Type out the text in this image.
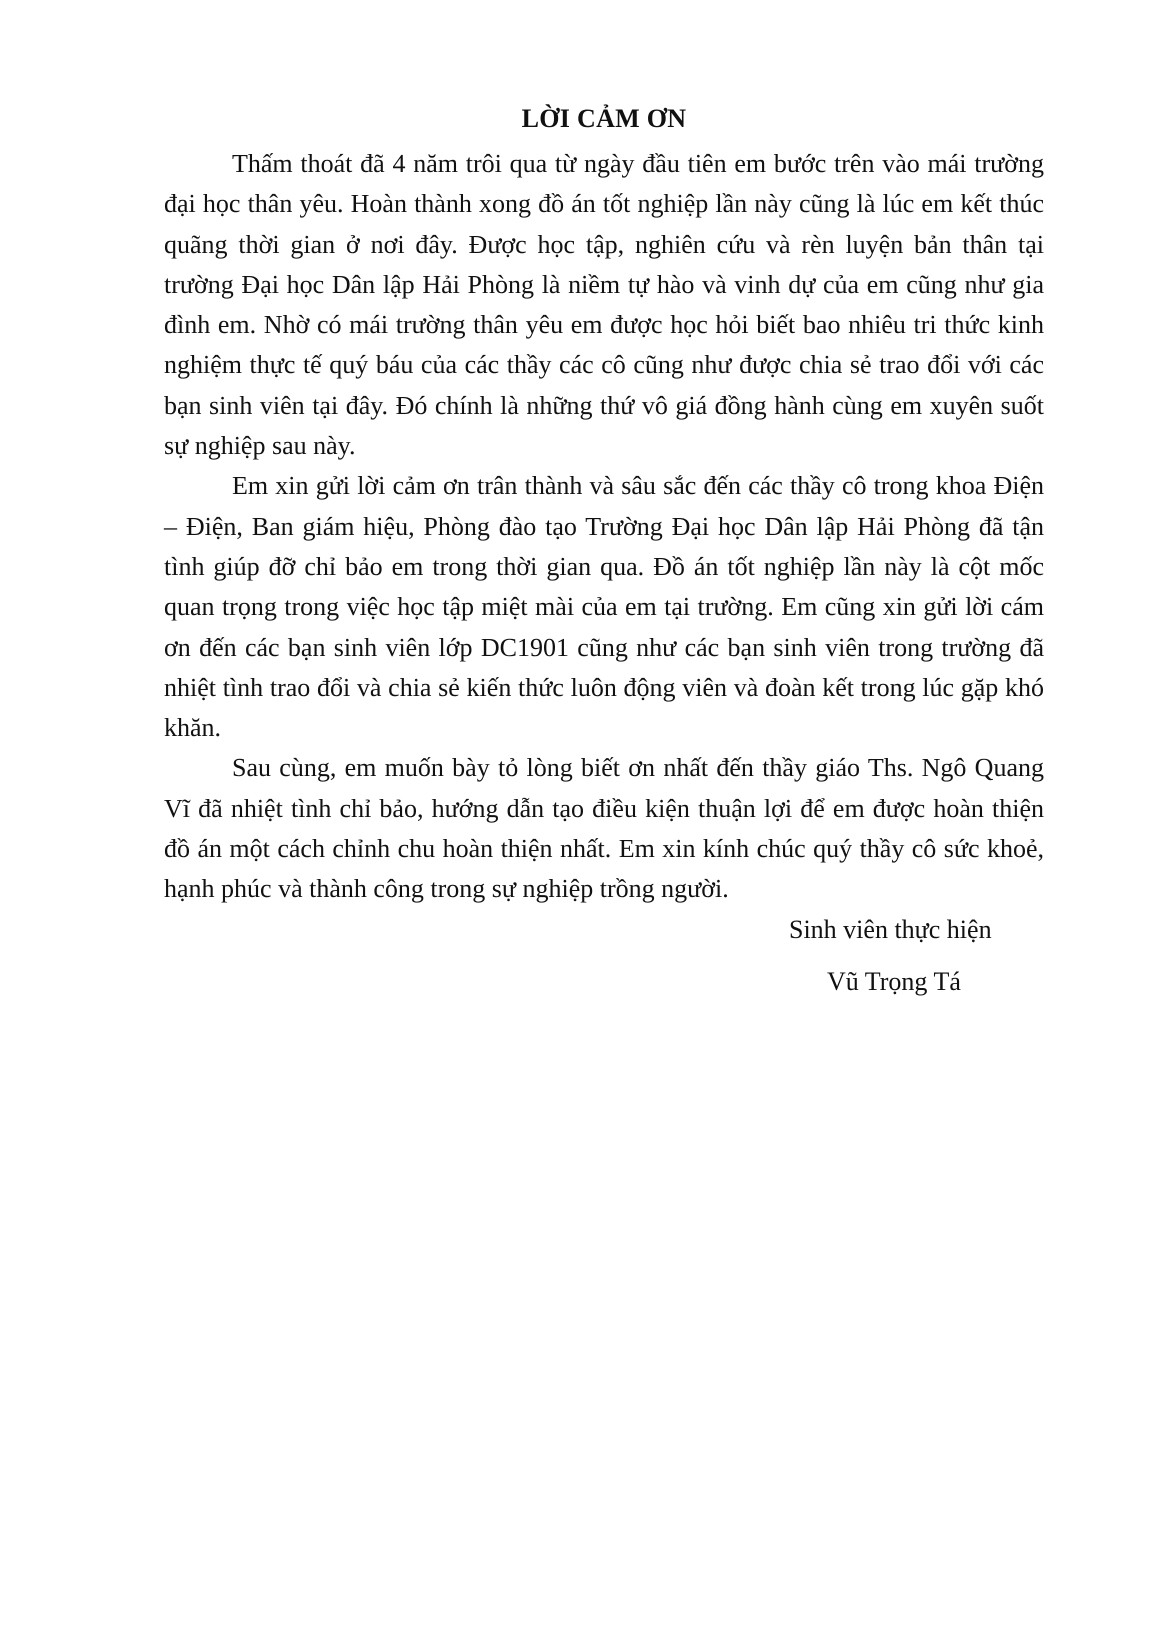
LỜI CẢM ƠN

Thấm thoát đã 4 năm trôi qua từ ngày đầu tiên em bước trên vào mái trường đại học thân yêu. Hoàn thành xong đồ án tốt nghiệp lần này cũng là lúc em kết thúc quãng thời gian ở nơi đây. Được học tập, nghiên cứu và rèn luyện bản thân tại trường Đại học Dân lập Hải Phòng là niềm tự hào và vinh dự của em cũng như gia đình em. Nhờ có mái trường thân yêu em được học hỏi biết bao nhiêu tri thức kinh nghiệm thực tế quý báu của các thầy các cô cũng như được chia sẻ trao đổi với các bạn sinh viên tại đây. Đó chính là những thứ vô giá đồng hành cùng em xuyên suốt sự nghiệp sau này.

Em xin gửi lời cảm ơn trân thành và sâu sắc đến các thầy cô trong khoa Điện – Điện, Ban giám hiệu, Phòng đào tạo Trường Đại học Dân lập Hải Phòng đã tận tình giúp đỡ chỉ bảo em trong thời gian qua. Đồ án tốt nghiệp lần này là cột mốc quan trọng trong việc học tập miệt mài của em tại trường. Em cũng xin gửi lời cám ơn đến các bạn sinh viên lớp DC1901 cũng như các bạn sinh viên trong trường đã nhiệt tình trao đổi và chia sẻ kiến thức luôn động viên và đoàn kết trong lúc gặp khó khăn.

Sau cùng, em muốn bày tỏ lòng biết ơn nhất đến thầy giáo Ths. Ngô Quang Vĩ đã nhiệt tình chỉ bảo, hướng dẫn tạo điều kiện thuận lợi để em được hoàn thiện đồ án một cách chỉnh chu hoàn thiện nhất. Em xin kính chúc quý thầy cô sức khoẻ, hạnh phúc và thành công trong sự nghiệp trồng người.

Sinh viên thực hiện

Vũ Trọng Tá
